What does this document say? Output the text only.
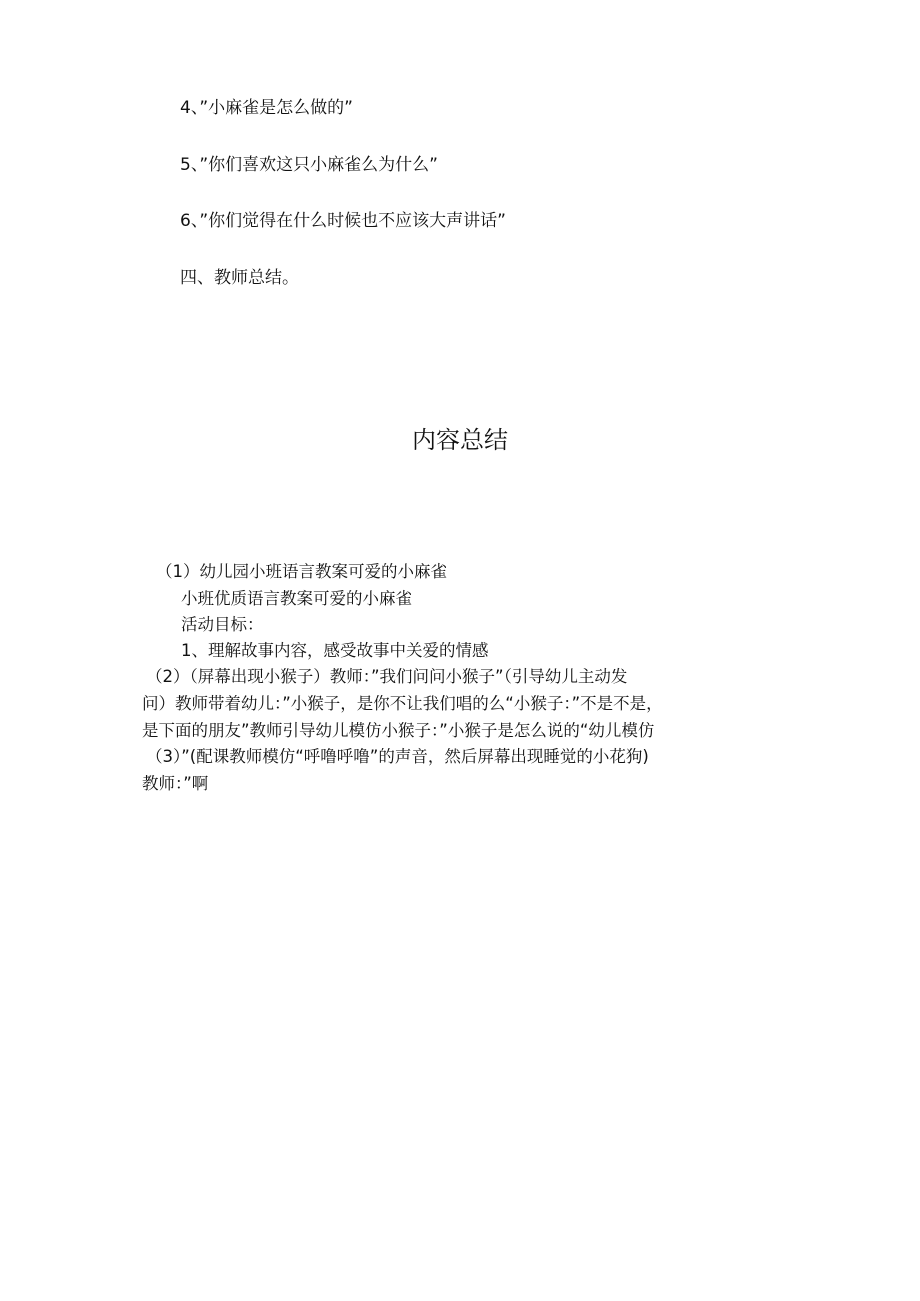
4、”小麻雀是怎么做的”
5、”你们喜欢这只小麻雀么为什么”
6、”你们觉得在什么时候也不应该大声讲话”
四、教师总结。
内容总结
（1）幼儿园小班语言教案可爱的小麻雀
小班优质语言教案可爱的小麻雀
活动目标：
1、理解故事内容，感受故事中关爱的情感
（2）（屏幕出现小猴子）教师：”我们问问小猴子”（引导幼儿主动发
问）教师带着幼儿：”小猴子，是你不让我们唱的么“小猴子：”不是不是，
是下面的朋友”教师引导幼儿模仿小猴子：”小猴子是怎么说的“幼儿模仿
（3）”(配课教师模仿“呼噜呼噜”的声音，然后屏幕出现睡觉的小花狗)
教师：”啊
